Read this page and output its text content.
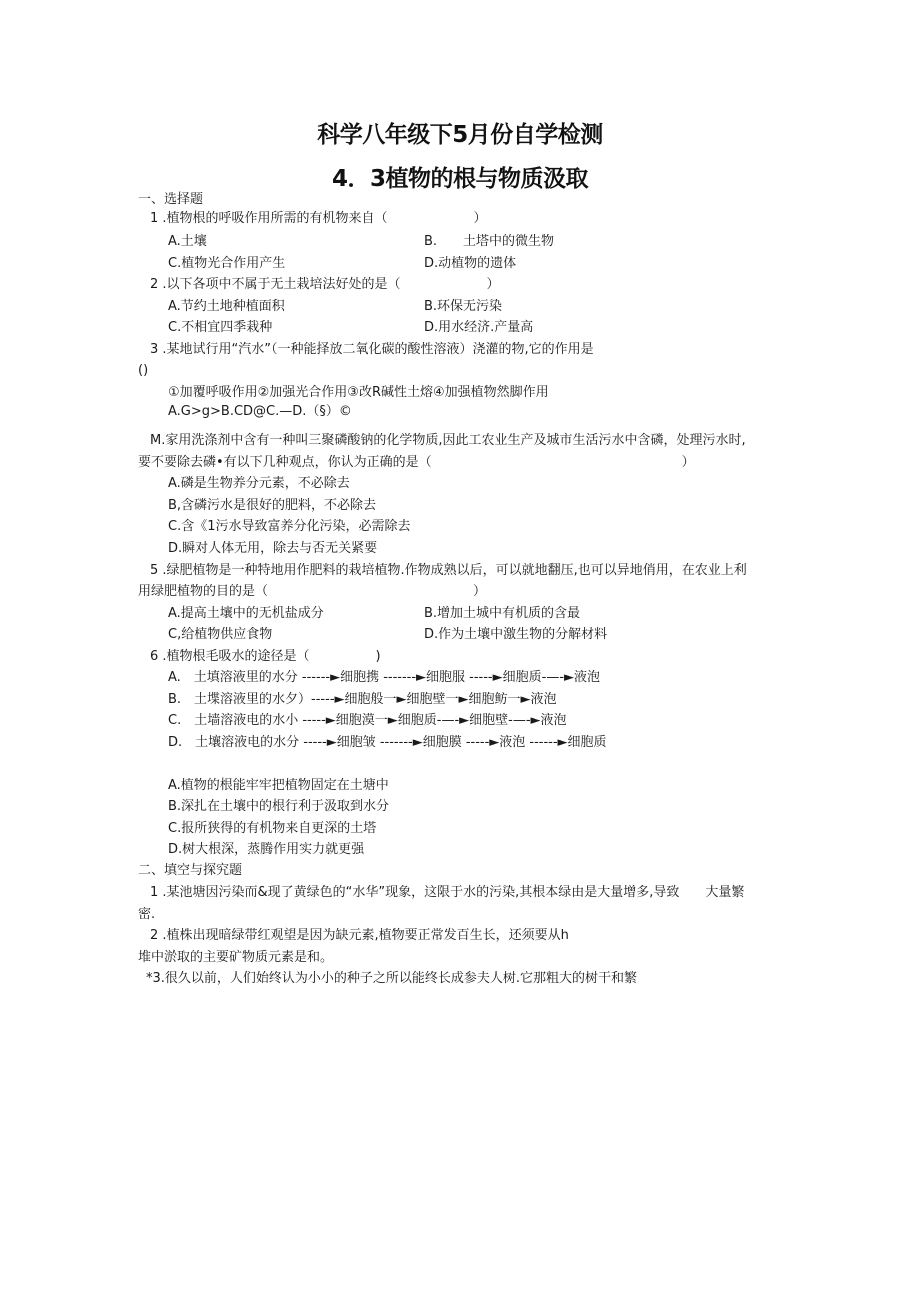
科学八年级下5月份自学检测
4．3植物的根与物质汲取
一、选择题
1 .植物根的呼吸作用所需的有机物来自（	）
A.土壤	B.　　土塔中的微生物
C.植物光合作用产生	D.动植物的遗体
2 .以下各项中不属于无土栽培法好处的是（	）
A.节约土地种植面积	B.环保无污染
C.不相宜四季栽种	D.用水经济.产量高
3 .某地试行用“汽水”（一种能择放二氧化碳的酸性溶液）浇灌的物,它的作用是
()
①加覆呼吸作用②加强光合作用③改R碱性土熔④加强植物然脚作用
A.G>g>B.CD@C.—D.（§）©
M.家用洗涤剂中含有一种叫三聚磷酸钠的化学物质,因此工农业生产及城市生活污水中含磷，处理污水时,
要不要除去磷•有以下几种观点，你认为正确的是（	）
A.磷是生物养分元素，不必除去
B,含磷污水是很好的肥料，不必除去
C.含《1污水导致富养分化污染，必需除去
D.瞬对人体无用，除去与否无关紧要
5 .绿肥植物是一种特地用作肥料的栽培植物.作物成熟以后，可以就地翻压,也可以异地俏用，在农业上利
用绿肥植物的目的是（	）
A.提高土壤中的无机盐成分	B.增加土城中有机质的含最
C,给植物供应食物	D.作为土壤中激生物的分解材料
6 .植物根毛吸水的途径是（	)
A.　土填溶液里的水分 ------►细胞携 -------►细胞服 -----►细胞质-—-►液泡
B.　土堞溶液里的水夕）-----►细胞般一►细胞壁一►细胞鲂一►液泡
C.　土墙溶液电的水小 -----►细胞漠一►细胞质-—-►细胞壁-—-►液泡
D.　土壤溶液电的水分 -----►细胞皱 -------►细胞膜 -----►液泡 ------►细胞质
A.植物的根能牢牢把植物固定在土塘中
B.深扎在土壤中的根行利于汲取到水分
C.报所狭得的有机物来自更深的土塔
D.树大根深，蒸腾作用实力就更强
二、填空与探究题
1 .某池塘因污染而&现了黄绿色的“水华”现象，这限于水的污染,其根本绿由是大量增多,导致　　大量繁
密.
2 .植株出现暗绿带红观望是因为缺元素,植物要正常发百生长，还须要从h
堆中淤取的主要矿物质元素是和。
*3.很久以前，人们始终认为小小的种子之所以能终长成参夫人树.它那粗大的树干和繁
